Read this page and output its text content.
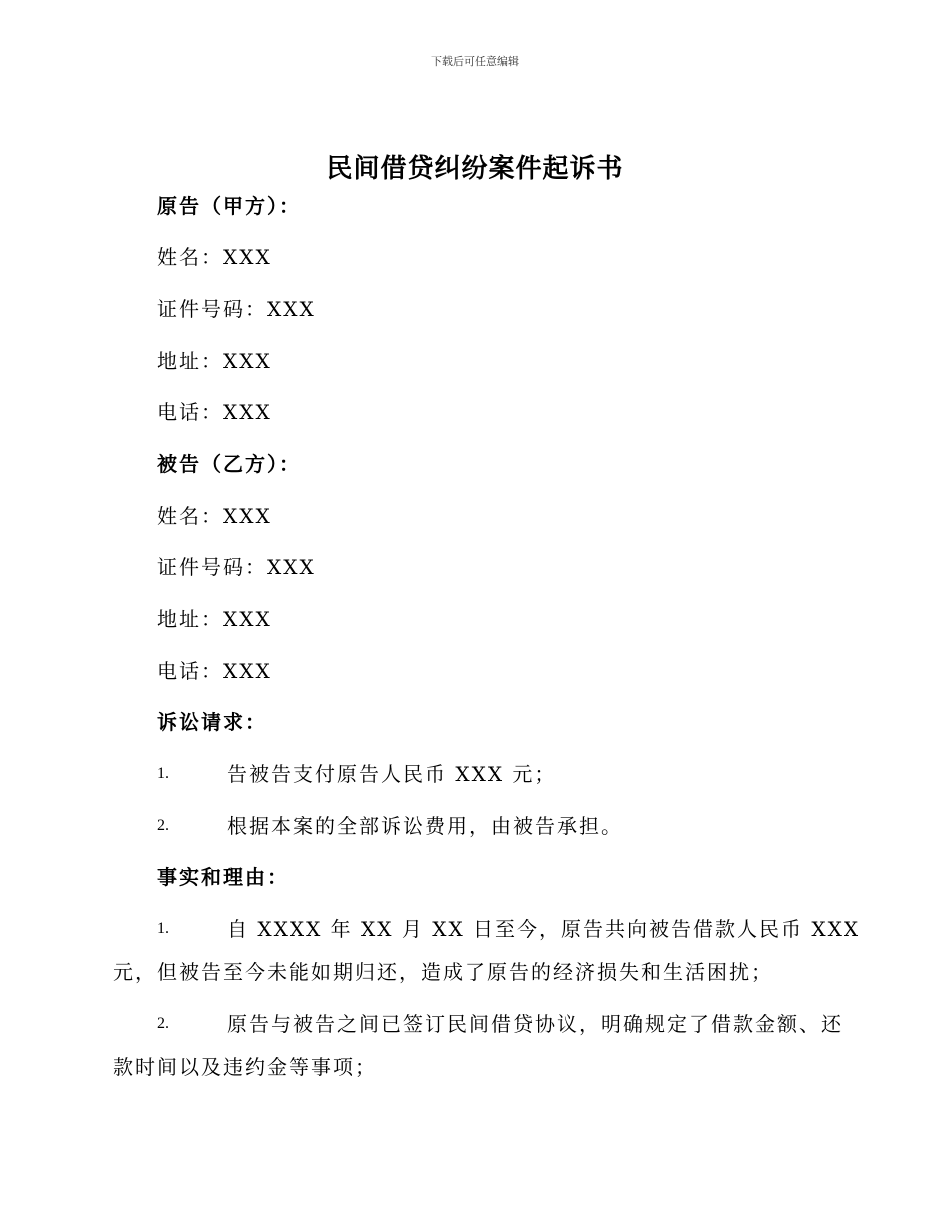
下载后可任意编辑
民间借贷纠纷案件起诉书
原告（甲方）：
姓名：XXX
证件号码：XXX
地址：XXX
电话：XXX
被告（乙方）：
姓名：XXX
证件号码：XXX
地址：XXX
电话：XXX
诉讼请求：
1.	告被告支付原告人民币 XXX 元；
2.	根据本案的全部诉讼费用，由被告承担。
事实和理由：
1.	自 XXXX 年 XX 月 XX 日至今，原告共向被告借款人民币 XXX
元，但被告至今未能如期归还，造成了原告的经济损失和生活困扰；
2.	原告与被告之间已签订民间借贷协议，明确规定了借款金额、还
款时间以及违约金等事项；
